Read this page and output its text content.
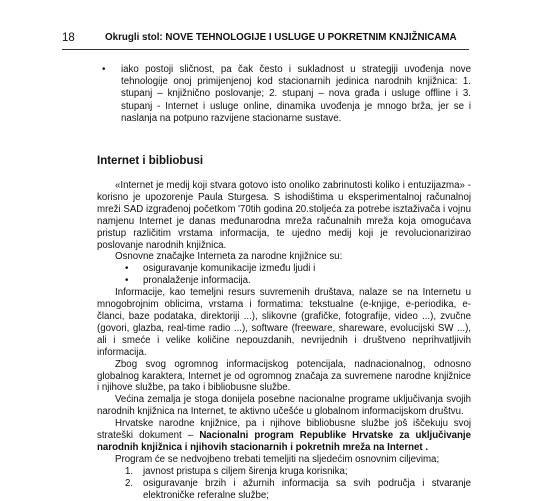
18	Okrugli stol: NOVE TEHNOLOGIJE I USLUGE U POKRETNIM KNJIŽNICAMA
• iako postoji sličnost, pa čak često i sukladnost u strategiji uvođenja nove tehnologije onoj primijenjenoj kod stacionarnih jedinica narodnih knjižnica: 1. stupanj – knjižnično poslovanje; 2. stupanj – nova građa i usluge offline i 3. stupanj - Internet i usluge online, dinamika uvođenja je mnogo brža, jer se i naslanja na potpuno razvijene stacionarne sustave.
Internet i bibliobusi

«Internet je medij koji stvara gotovo isto onoliko zabrinutosti koliko i entuzijazma» - korisno je upozorenje Paula Sturgesa. S ishodištima u eksperimentalnoj računalnoj mreži SAD izgrađenoj početkom '70tih godina 20.stoljeća za potrebe isztaživača i vojnu namjenu Internet je danas međunarodna mreža računalnih mreža koja omogućava pristup različitim vrstama informacija, te ujedno medij koji je revolucionarizirao poslovanje narodnih knjižnica.

Osnovne značajke Interneta za narodne knjižnice su:

• osiguravanje komunikacije između ljudi i
• pronalaženje informacija.

Informacije, kao temeljni resurs suvremenih društava, nalaze se na Internetu u mnogobrojnim oblicima, vrstama i formatima: tekstualne (e-knjige, e-periodika, e-članci, baze podataka, direktoriji ...), slikovne (grafičke, fotografije, video ...), zvučne (govori, glazba, real-time radio ...), software (freeware, shareware, evolucijski SW ...), ali i smeće i velike količine nepouzdanih, nevrijednih i društveno neprihvatljivih informacija.

Zbog svog ogromnog informacijskog potencijala, nadnacionalnog, odnosno globalnog karaktera, Internet je od ogromnog značaja za suvremene narodne knjižnice i njihove službe, pa tako i bibliobusne službe.

Većina zemalja je stoga donijela posebne nacionalne programe uključivanja svojih narodnih knjižnica na Internet, te aktivno učešće u globalnom informacijskom društvu.

Hrvatske narodne knjižnice, pa i njihove bibliobusne službe još iščekuju svoj strateški dokument – Nacionalni program Republike Hrvatske za uključivanje narodnih knjižnica i njihovih stacionarnih i pokretnih mreža na Internet .

Program će se nedvojbeno trebati temeljiti na sljedećim osnovnim ciljevima;

1. javnost pristupa s ciljem širenja kruga korisnika;
2. osiguravanje brzih i ažurnih informacija sa svih područja i stvaranje elektroničke referalne službe;
